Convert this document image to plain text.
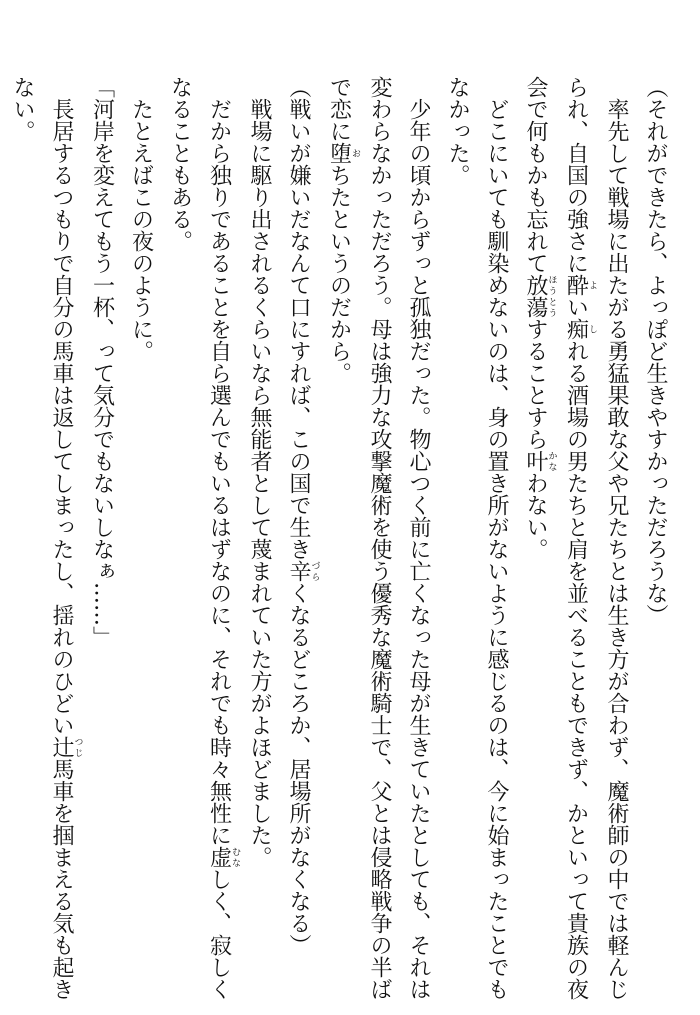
（それができたら、よっぽど生きやすかっただろうな）
率先して戦場に出たがる勇猛果敢な父や兄たちとは生き方が合わず、魔術師の中では軽んじ
られ、自国の強さに酔よい痴しれる酒場の男たちと肩を並べることもできず、かといって貴族の夜
会で何もかも忘れて放蕩ほうとうすることすら叶かなわない。
どこにいても馴染めないのは、身の置き所がないように感じるのは、今に始まったことでも
なかった。
少年の頃からずっと孤独だった。物心つく前に亡くなった母が生きていたとしても、それは
変わらなかっただろう。母は強力な攻撃魔術を使う優秀な魔術騎士で、父とは侵略戦争の半ば
で恋に堕おちたというのだから。
（戦いが嫌いだなんて口にすれば、この国で生き辛づらくなるどころか、居場所がなくなる）
戦場に駆り出されるくらいなら無能者として蔑まれていた方がよほどました。
だから独りであることを自ら選んでもいるはずなのに、それでも時々無性に虚むなしく、寂しく
なることもある。
たとえばこの夜のように。
「河岸を変えてもう一杯、って気分でもないしなぁ……」
長居するつもりで自分の馬車は返してしまったし、揺れのひどい辻つじ馬車を掴まえる気も起き
ない。
